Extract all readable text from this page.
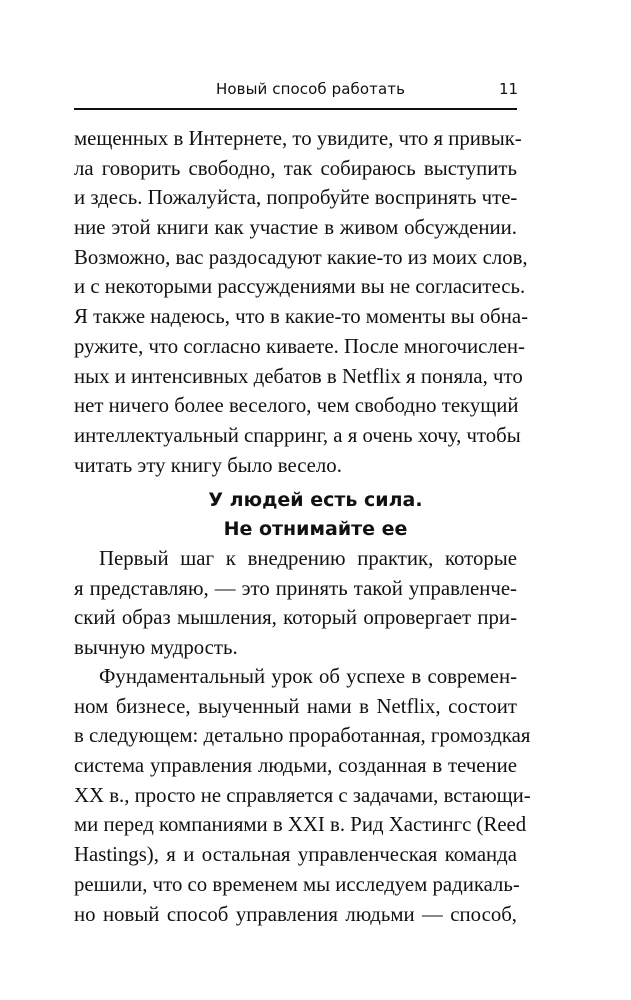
Новый способ работать	11
мещенных в Интернете, то увидите, что я привык-
ла говорить свободно, так собираюсь выступить
и здесь. Пожалуйста, попробуйте воспринять чте-
ние этой книги как участие в живом обсуждении.
Возможно, вас раздосадуют какие-то из моих слов,
и с некоторыми рассуждениями вы не согласитесь.
Я также надеюсь, что в какие-то моменты вы обна-
ружите, что согласно киваете. После многочислен-
ных и интенсивных дебатов в Netflix я поняла, что
нет ничего более веселого, чем свободно текущий
интеллектуальный спарринг, а я очень хочу, чтобы
читать эту книгу было весело.
У людей есть сила.
Не отнимайте ее
Первый шаг к внедрению практик, которые
я представляю, — это принять такой управленче-
ский образ мышления, который опровергает при-
вычную мудрость.
Фундаментальный урок об успехе в современ-
ном бизнесе, выученный нами в Netflix, состоит
в следующем: детально проработанная, громоздкая
система управления людьми, созданная в течение
XX в., просто не справляется с задачами, встающи-
ми перед компаниями в XXI в. Рид Хастингс (Reed
Hastings), я и остальная управленческая команда
решили, что со временем мы исследуем радикаль-
но новый способ управления людьми — способ,
